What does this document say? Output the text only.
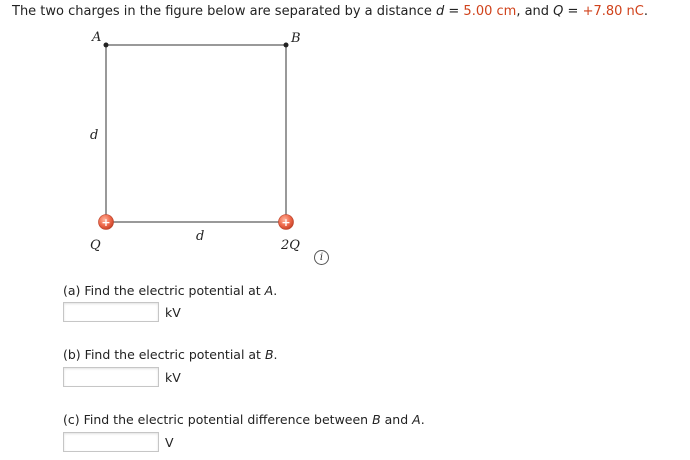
The two charges in the figure below are separated by a distance d = 5.00 cm, and Q = +7.80 nC.
A	B
d
d
Q	2Q
+	+
i
(a) Find the electric potential at A.
kV
(b) Find the electric potential at B.
kV
(c) Find the electric potential difference between B and A.
V
